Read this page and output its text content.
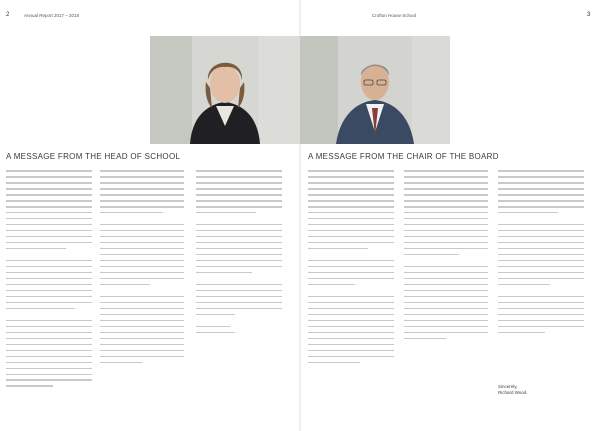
2	Annual Report 2017 – 2018
A MESSAGE FROM THE HEAD OF SCHOOL
Crofton House School	3
A MESSAGE FROM THE CHAIR OF THE BOARD

Sincerely,

Richard Wood
